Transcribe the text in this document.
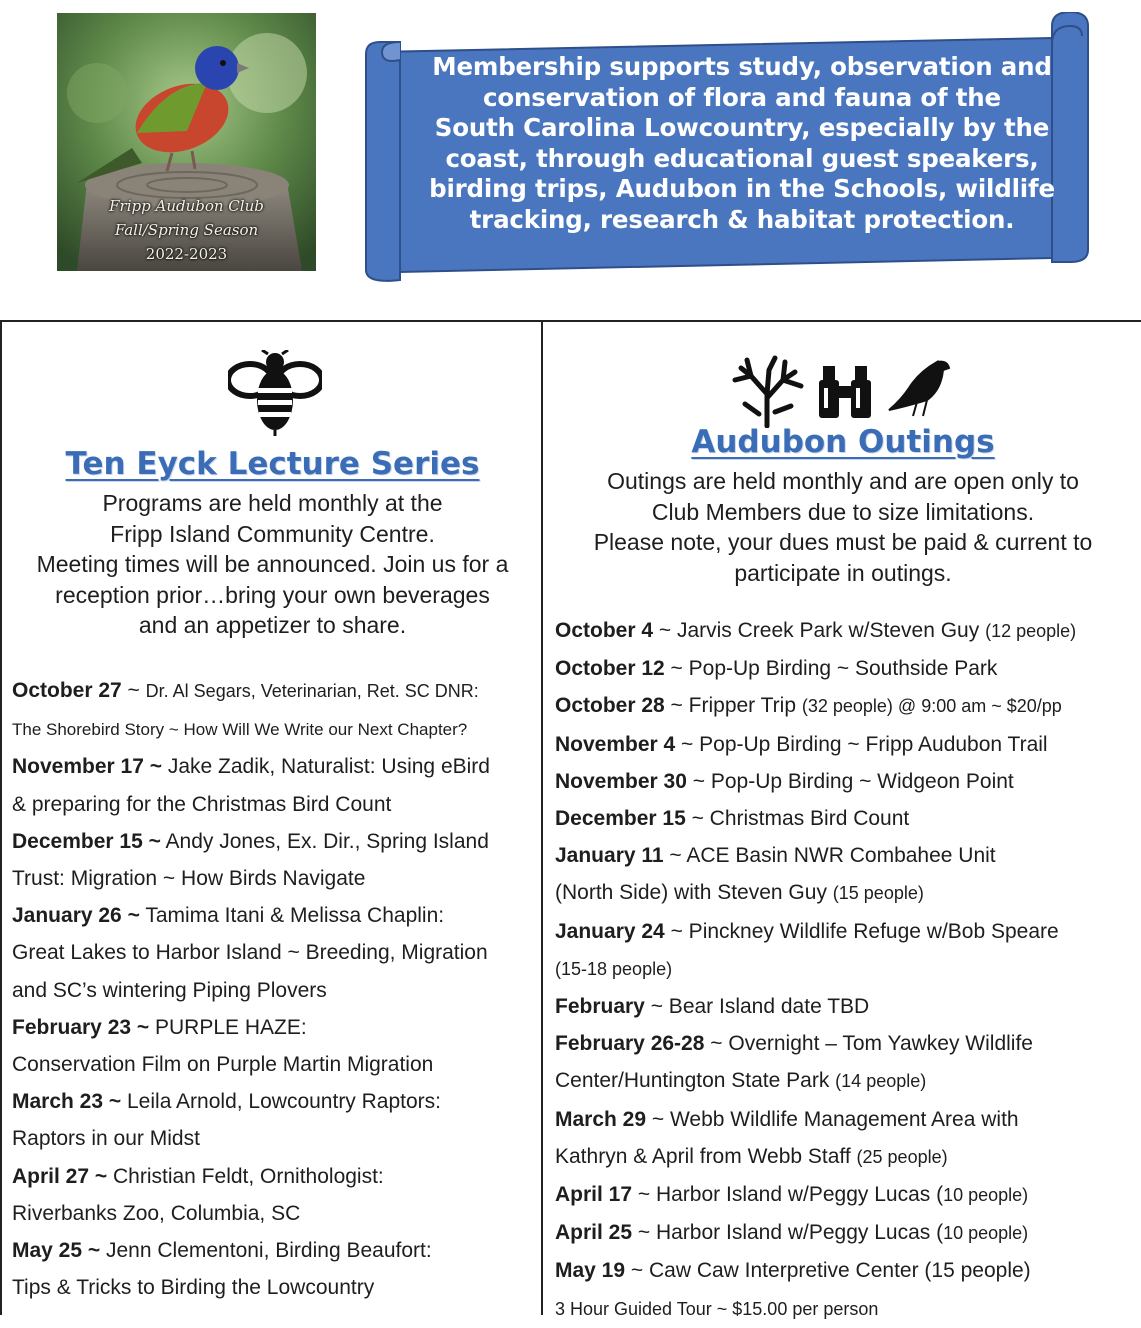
Fripp Audubon Club
Fall/Spring Season
2022-2023
Membership supports study, observation and
conservation of flora and fauna of the
South Carolina Lowcountry, especially by the
coast, through educational guest speakers,
birding trips, Audubon in the Schools, wildlife
tracking, research & habitat protection.
Ten Eyck Lecture Series
Programs are held monthly at the
Fripp Island Community Centre.
Meeting times will be announced. Join us for a
reception prior…bring your own beverages
and an appetizer to share.
October 27 ~ Dr. Al Segars, Veterinarian, Ret. SC DNR:
The Shorebird Story ~ How Will We Write our Next Chapter?
November 17 ~ Jake Zadik, Naturalist: Using eBird
& preparing for the Christmas Bird Count
December 15 ~ Andy Jones, Ex. Dir., Spring Island
Trust: Migration ~ How Birds Navigate
January 26 ~ Tamima Itani & Melissa Chaplin:
Great Lakes to Harbor Island ~ Breeding, Migration
and SC’s wintering Piping Plovers
February 23 ~ PURPLE HAZE:
Conservation Film on Purple Martin Migration
March 23 ~ Leila Arnold, Lowcountry Raptors:
Raptors in our Midst
April 27 ~ Christian Feldt, Ornithologist:
Riverbanks Zoo, Columbia, SC
May 25 ~ Jenn Clementoni, Birding Beaufort:
Tips & Tricks to Birding the Lowcountry
Audubon Outings
Outings are held monthly and are open only to
Club Members due to size limitations.
Please note, your dues must be paid & current to
participate in outings.
October 4 ~ Jarvis Creek Park w/Steven Guy (12 people)
October 12 ~ Pop-Up Birding ~ Southside Park
October 28 ~ Fripper Trip (32 people) @ 9:00 am ~ $20/pp
November 4 ~ Pop-Up Birding ~ Fripp Audubon Trail
November 30 ~ Pop-Up Birding ~ Widgeon Point
December 15 ~ Christmas Bird Count
January 11 ~ ACE Basin NWR Combahee Unit
(North Side) with Steven Guy (15 people)
January 24 ~ Pinckney Wildlife Refuge w/Bob Speare
(15-18 people)
February ~ Bear Island date TBD
February 26-28 ~ Overnight – Tom Yawkey Wildlife
Center/Huntington State Park (14 people)
March 29 ~ Webb Wildlife Management Area with
Kathryn & April from Webb Staff (25 people)
April 17 ~ Harbor Island w/Peggy Lucas (10 people)
April 25 ~ Harbor Island w/Peggy Lucas (10 people)
May 19 ~ Caw Caw Interpretive Center (15 people)
3 Hour Guided Tour ~ $15.00 per person
